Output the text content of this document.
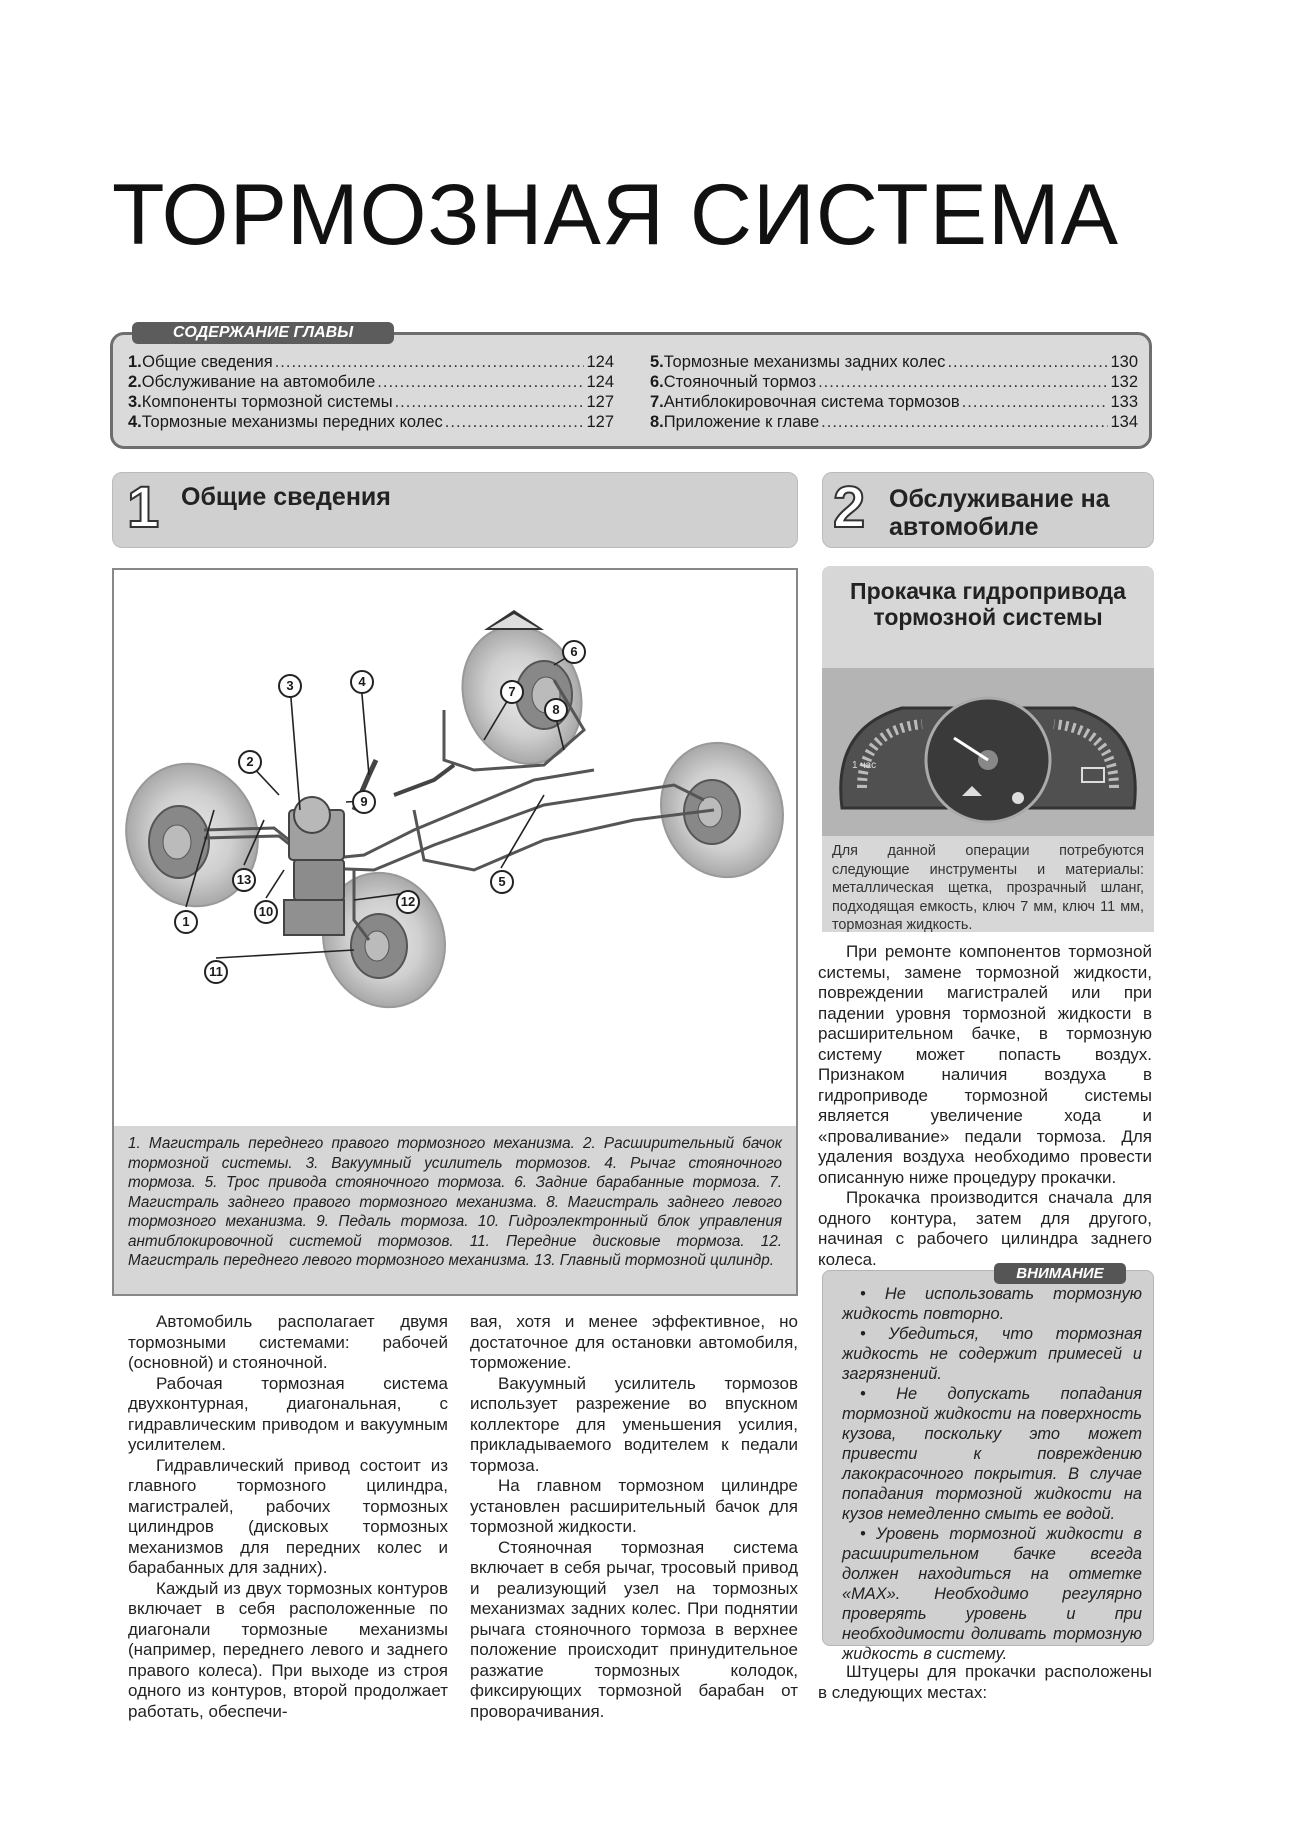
ТОРМОЗНАЯ СИСТЕМА
СОДЕРЖАНИЕ ГЛАВЫ
1. Общие сведения .....	124
2. Обслуживание на автомобиле .....	124
3. Компоненты тормозной системы .....	127
4. Тормозные механизмы передних колес .....	127
5. Тормозные механизмы задних колес .....	130
6. Стояночный тормоз .....	132
7. Антиблокировочная система тормозов .....	133
8. Приложение к главе .....	134
1 Общие сведения	2 Обслуживание на автомобиле
1
2
3	4
5
6
7
8
9
10
11
12
13
1. Магистраль переднего правого тормозного механизма. 2. Расширительный бачок тормозной системы. 3. Вакуумный усилитель тормозов. 4. Рычаг стояночного тормоза. 5. Трос привода стояночного тормоза. 6. Задние барабанные тормоза. 7. Магистраль заднего правого тормозного механизма. 8. Магистраль заднего левого тормозного механизма. 9. Педаль тормоза. 10. Гидроэлектронный блок управления антиблокировочной системой тормозов. 11. Передние дисковые тормоза. 12. Магистраль переднего левого тормозного механизма. 13. Главный тормозной цилиндр.

Автомобиль располагает двумя тормозными системами: рабочей (основной) и стояночной.

Рабочая тормозная система двухконтурная, диагональная, с гидравлическим приводом и вакуумным усилителем.

Гидравлический привод состоит из главного тормозного цилиндра, магистралей, рабочих тормозных цилиндров (дисковых тормозных механизмов для передних колес и барабанных для задних).

Каждый из двух тормозных контуров включает в себя расположенные по диагонали тормозные механизмы (например, переднего левого и заднего правого колеса). При выходе из строя одного из контуров, второй продолжает работать, обеспечи-

вая, хотя и менее эффективное, но достаточное для остановки автомобиля, торможение.

Вакуумный усилитель тормозов использует разрежение во впускном коллекторе для уменьшения усилия, прикладываемого водителем к педали тормоза.

На главном тормозном цилиндре установлен расширительный бачок для тормозной жидкости.

Стояночная тормозная система включает в себя рычаг, тросовый привод и реализующий узел на тормозных механизмах задних колес. При поднятии рычага стояночного тормоза в верхнее положение происходит принудительное разжатие тормозных колодок, фиксирующих тормозной барабан от проворачивания.

Прокачка гидропривода тормозной системы
1 час
Для данной операции потребуются следующие инструменты и материалы: металлическая щетка, прозрачный шланг, подходящая емкость, ключ 7 мм, ключ 11 мм, тормозная жидкость.

При ремонте компонентов тормозной системы, замене тормозной жидкости, повреждении магистралей или при падении уровня тормозной жидкости в расширительном бачке, в тормозную систему может попасть воздух. Признаком наличия воздуха в гидроприводе тормозной системы является увеличение хода и «проваливание» педали тормоза. Для удаления воздуха необходимо провести описанную ниже процедуру прокачки.

Прокачка производится сначала для одного контура, затем для другого, начиная с рабочего цилиндра заднего колеса.

ВНИМАНИЕ
• Не использовать тормозную жидкость повторно.
• Убедиться, что тормозная жидкость не содержит примесей и загрязнений.
• Не допускать попадания тормозной жидкости на поверхность кузова, поскольку это может привести к повреждению лакокрасочного покрытия. В случае попадания тормозной жидкости на кузов немедленно смыть ее водой.
• Уровень тормозной жидкости в расширительном бачке всегда должен находиться на отметке «MAX». Необходимо регулярно проверять уровень и при необходимости доливать тормозную жидкость в систему.
Штуцеры для прокачки расположены в следующих местах:
